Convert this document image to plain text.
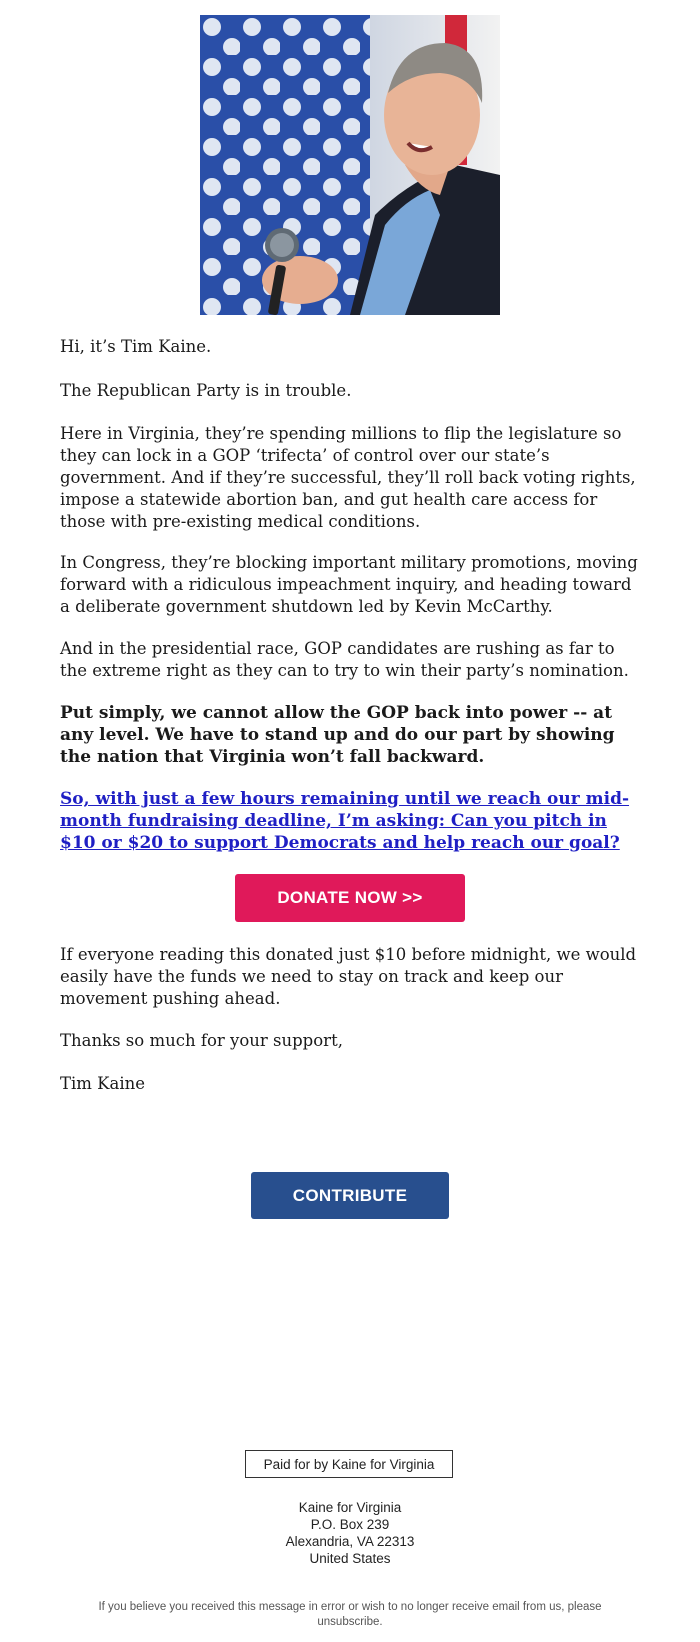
Hi, it’s Tim Kaine.

The Republican Party is in trouble.

Here in Virginia, they’re spending millions to flip the legislature so they can lock in a GOP ‘trifecta’ of control over our state’s government. And if they’re successful, they’ll roll back voting rights, impose a statewide abortion ban, and gut health care access for those with pre-existing medical conditions.

In Congress, they’re blocking important military promotions, moving forward with a ridiculous impeachment inquiry, and heading toward a deliberate government shutdown led by Kevin McCarthy.

And in the presidential race, GOP candidates are rushing as far to the extreme right as they can to try to win their party’s nomination.

Put simply, we cannot allow the GOP back into power -- at any level. We have to stand up and do our part by showing the nation that Virginia won’t fall backward.

So, with just a few hours remaining until we reach our mid-month fundraising deadline, I’m asking: Can you pitch in $10 or $20 to support Democrats and help reach our goal?

DONATE NOW >>

If everyone reading this donated just $10 before midnight, we would easily have the funds we need to stay on track and keep our movement pushing ahead.

Thanks so much for your support,

Tim Kaine

CONTRIBUTE
Paid for by Kaine for Virginia
Kaine for Virginia
P.O. Box 239
Alexandria, VA 22313
United States
If you believe you received this message in error or wish to no longer receive email from us, please unsubscribe.
